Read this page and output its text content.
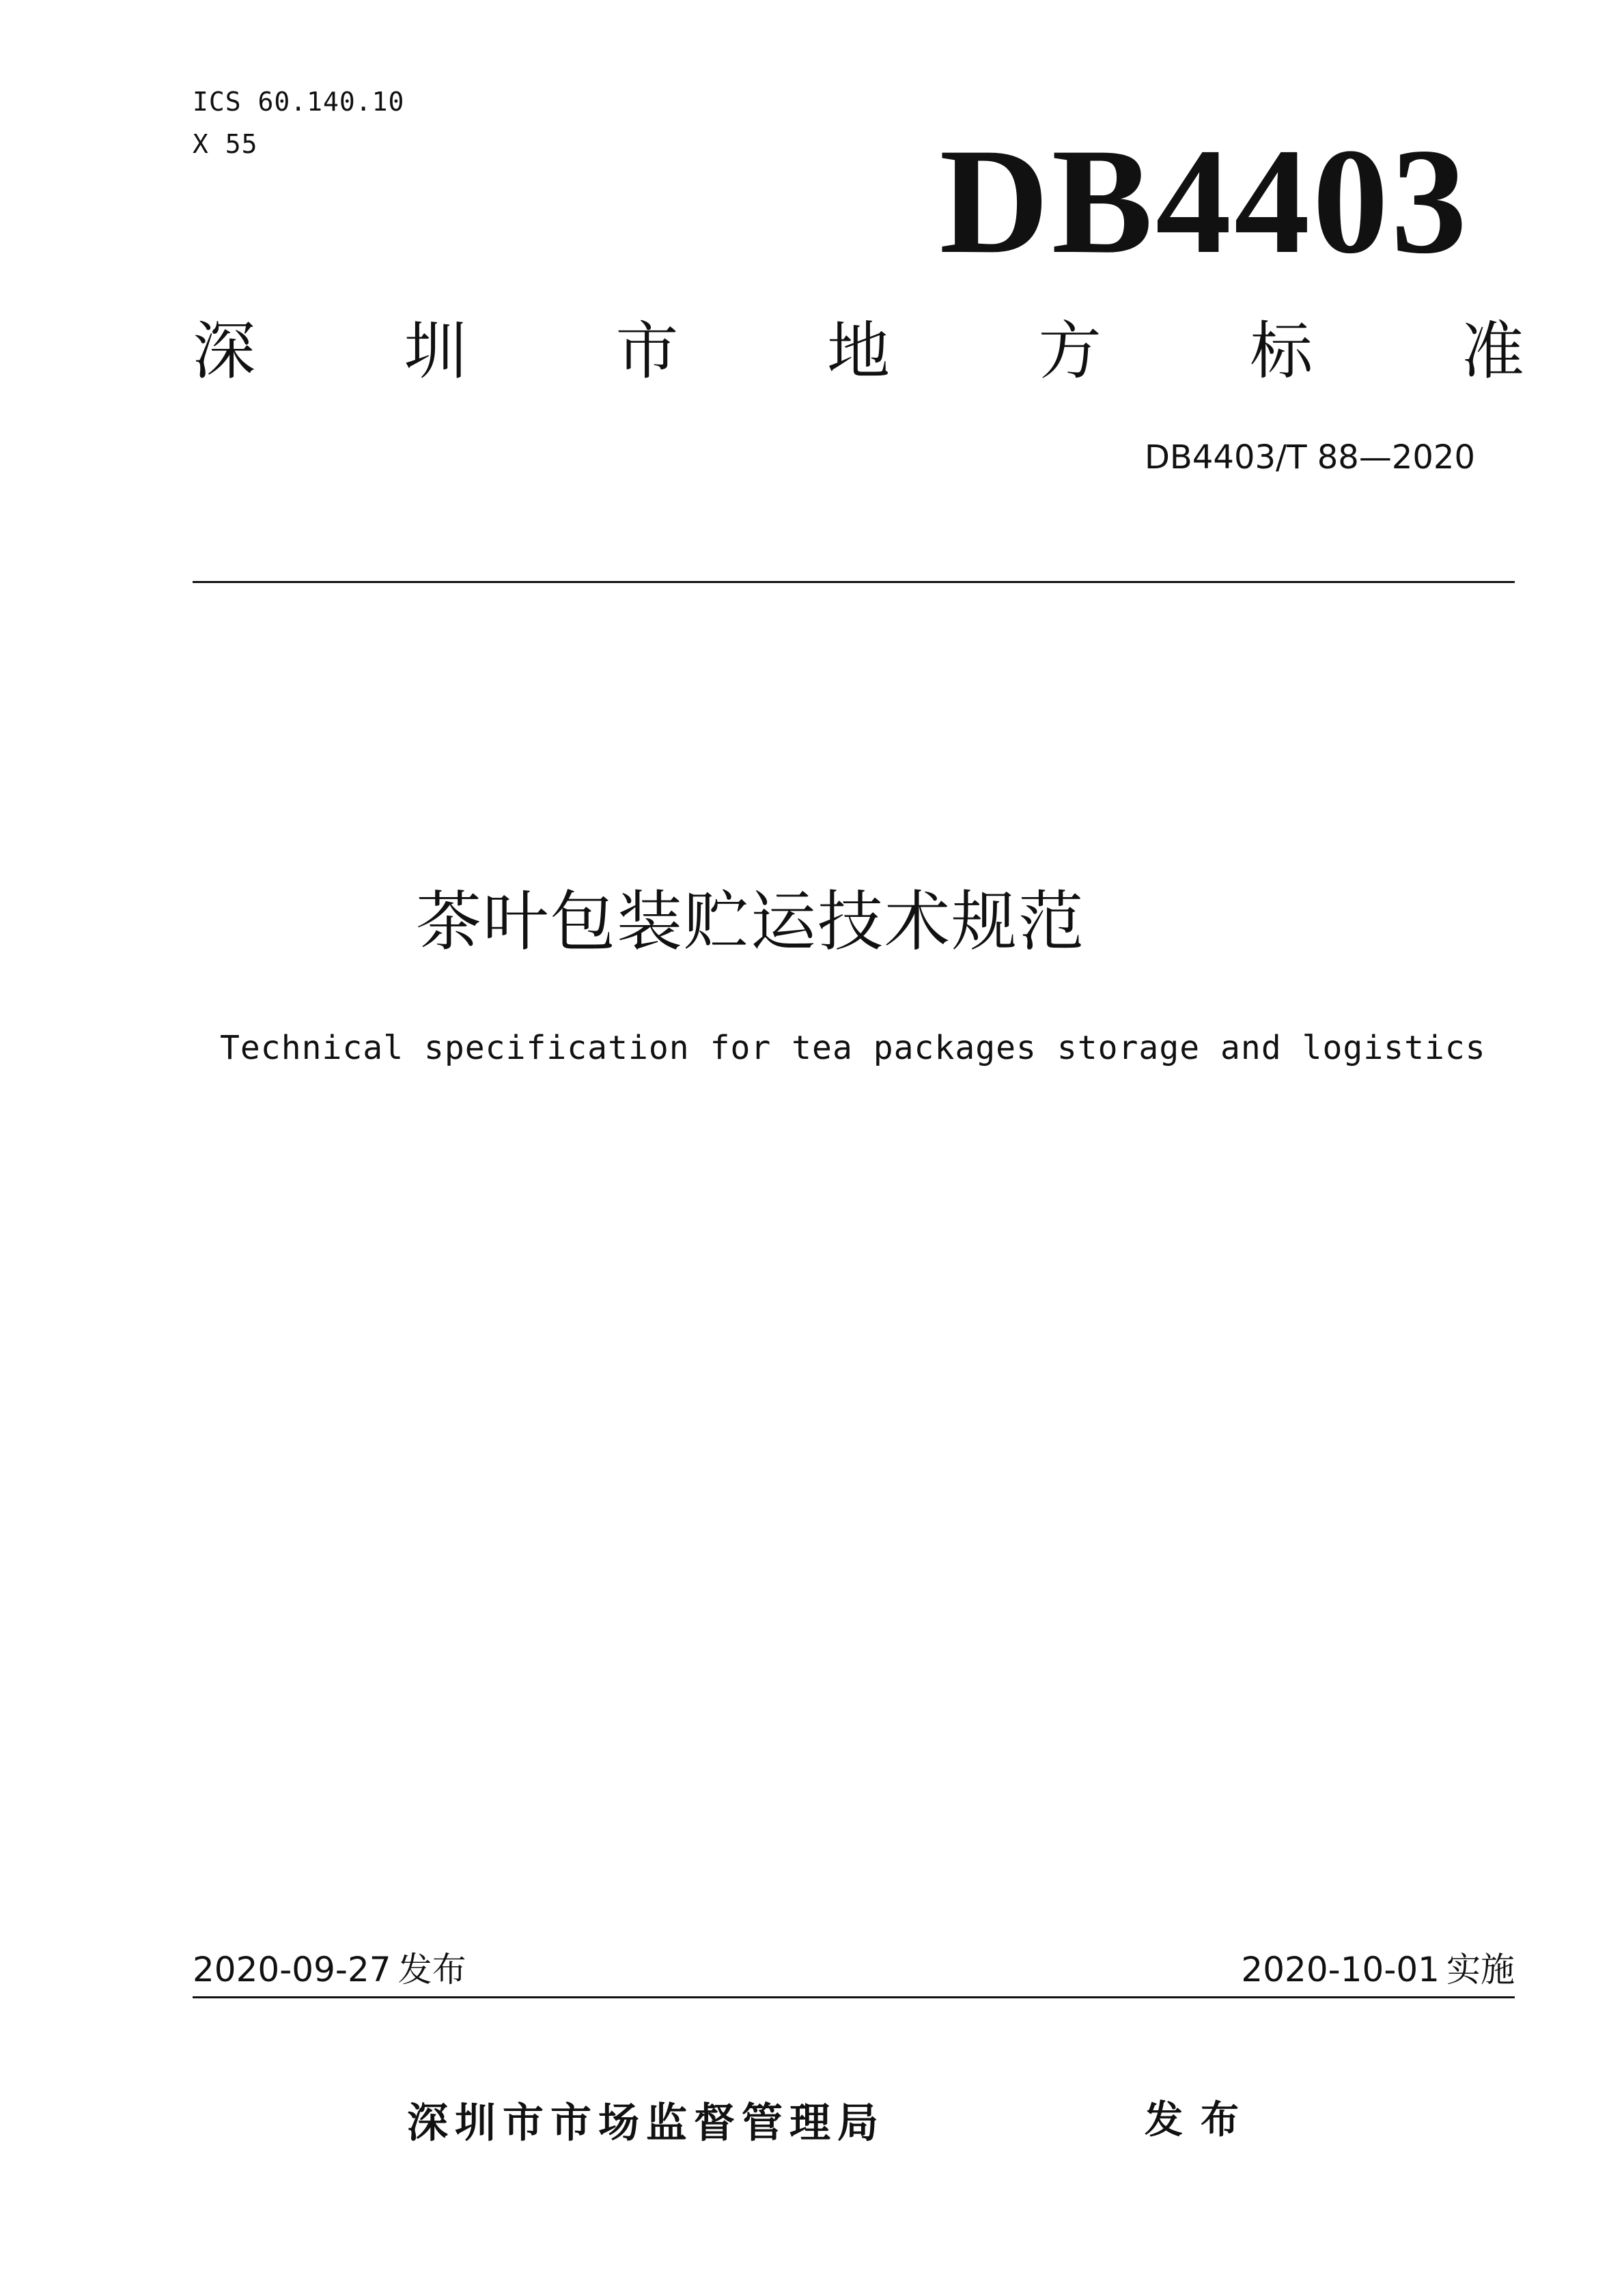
ICS 60.140.10
X 55	DB4403
深 圳 市 地 方 标 准
DB4403/T 88—2020
茶叶包装贮运技术规范
Technical specification for tea packages storage and logistics
2020-09-27 发布	2020-10-01 实施
深圳市市场监督管理局	发布
